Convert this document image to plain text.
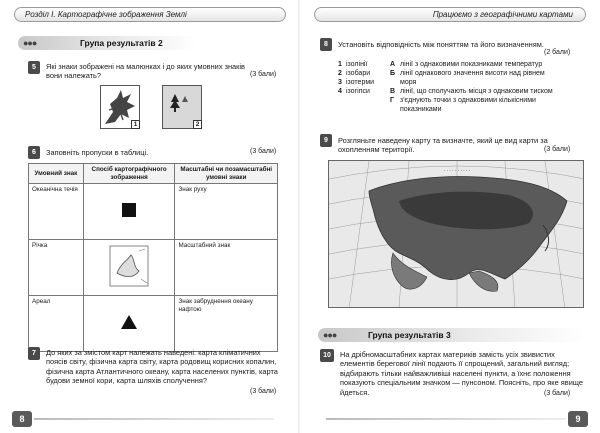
Розділ I. Картографічне зображення Землі
●●●	Група результатів 2
5	Які знаки зображені на малюнках і до яких умовних знаків вони належать?	(3 бали)
1	2
6	Заповніть пропуски в таблиці.	(3 бали)
Умовний знак	Спосіб картографічного зображення	Масштабні чи позамасштабні умовні знаки
Океанічна течія		Знак руху
Річка		Масштабний знак
Ареал		Знак забруднення океану нафтою
7	До яких за змістом карт належать наведені: карта кліматичних поясів світу, фізична карта світу, карта родовищ корисних копалин, фізична карта Атлантичного океану, карта населених пунктів, карта будови земної кори, карта шляхів сполучення?
(3 бали)
8
Працюємо з географічними картами
8	Установіть відповідність між поняттям та його визначенням.
(2 бали)
1 ізолінії
2 ізобари
3 ізотерми
4 ізогіпси
А лінії з однаковими показниками температур
Б лінії однакового значення висоти над рівнем моря
В лінії, що сполучають місця з однаковим тиском
Г з'єднують точки з однаковими кількісними показниками
9	Розгляньте наведену карту та визначте, який це вид карти за охопленням території.	(3 бали)
. . . . . . . . . .
●●●	Група результатів 3
10	На дрібномасштабних картах материків замість усіх звивистих елементів берегової лінії подають її спрощений, загальний вигляд; відбирають тільки найважливіші населені пункти, а їхнє положення показують спеціальним значком — пунсоном. Поясніть, про яке явище йдеться.	(3 бали)
9
